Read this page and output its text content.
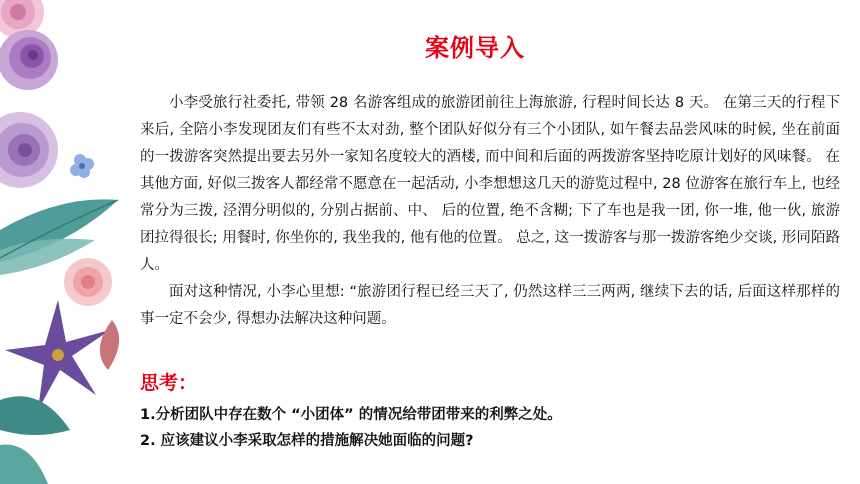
案例导入

小李受旅行社委托, 带领 28 名游客组成的旅游团前往上海旅游, 行程时间长达 8 天。 在第三天的行程下来后, 全陪小李发现团友们有些不太对劲, 整个团队好似分有三个小团队, 如午餐去品尝风味的时候, 坐在前面的一拨游客突然提出要去另外一家知名度较大的酒楼, 而中间和后面的两拨游客坚持吃原计划好的风味餐。 在其他方面, 好似三拨客人都经常不愿意在一起活动, 小李想想这几天的游览过程中, 28 位游客在旅行车上, 也经常分为三拨, 泾渭分明似的, 分别占据前、中、 后的位置, 绝不含糊; 下了车也是我一团, 你一堆, 他一伙, 旅游团拉得很长; 用餐时, 你坐你的, 我坐我的, 他有他的位置。 总之, 这一拨游客与那一拨游客绝少交谈, 形同陌路人。

面对这种情况, 小李心里想: “旅游团行程已经三天了, 仍然这样三三两两, 继续下去的话, 后面这样那样的事一定不会少, 得想办法解决这种问题。

思考：
1.分析团队中存在数个 “小团体” 的情况给带团带来的利弊之处。
2. 应该建议小李采取怎样的措施解决她面临的问题?
